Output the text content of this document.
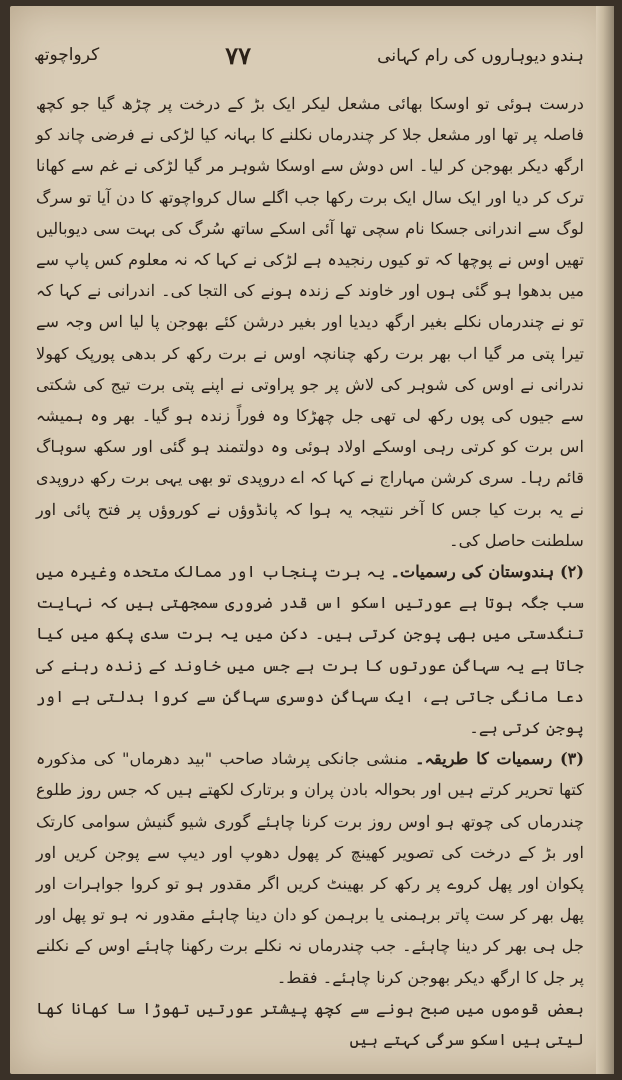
ہندو دیوہاروں کی رام کہانی
۷۷
کرواچوتھ

درست ہوئی تو اوسکا بھائی مشعل لیکر ایک بڑ کے درخت پر چڑھ گیا جو کچھ فاصلہ پر تھا اور مشعل جلا کر چندرماں نکلنے کا بہانہ کیا لڑکی نے فرضی چاند کو ارگھ دیکر بھوجن کر لیا۔ اس دوش سے اوسکا شوہر مر گیا لڑکی نے غم سے کھانا ترک کر دیا اور ایک سال ایک برت رکھا جب اگلے سال کرواچوتھ کا دن آیا تو سرگ لوگ سے اندرانی جسکا نام سچی تھا آئی اسکے ساتھ سُرگ کی بہت سی دیوبالیں تھیں اوس نے پوچھا کہ تو کیوں رنجیدہ ہے لڑکی نے کہا کہ نہ معلوم کس پاپ سے میں بدھوا ہو گئی ہوں اور خاوند کے زندہ ہونے کی التجا کی۔ اندرانی نے کہا کہ تو نے چندرماں نکلے بغیر ارگھ دیدیا اور بغیر درشن کئے بھوجن پا لیا اس وجہ سے تیرا پتی مر گیا اب بھر برت رکھ چنانچہ اوس نے برت رکھ کر بدھی پورپک کھولا ندرانی نے اوس کی شوہر کی لاش پر جو پراوتی نے اپنے پتی برت تیج کی شکتی سے جیوں کی پوں رکھ لی تھی جل چھڑکا وہ فوراً زندہ ہو گیا۔ بھر وہ ہمیشہ اس برت کو کرتی رہی اوسکے اولاد ہوئی وہ دولتمند ہو گئی اور سکھ سوہاگ قائم رہا۔ سری کرشن مہاراج نے کہا کہ اے دروپدی تو بھی یہی برت رکھ دروپدی نے یہ برت کیا جس کا آخر نتیجہ یہ ہوا کہ پانڈوؤں نے کوروؤں پر فتح پائی اور سلطنت حاصل کی۔

(۲) ہندوستان کی رسمیات۔ یہ برت پنجاب اور ممالک متحدہ وغیرہ میں سب جگہ ہوتا ہے عورتیں اسکو اس قدر ضروری سمجھتی ہیں کہ نہایت تنگدستی میں بھی پوجن کرتی ہیں۔ دکن میں یہ برت سدی پکھ میں کیا جاتا ہے یہ سہاگن عورتوں کا برت ہے جس میں خاوند کے زندہ رہنے کی دعا مانگی جاتی ہے، ایک سہاگن دوسری سہاگن سے کروا بدلتی ہے اور پوجن کرتی ہے۔

(۳) رسمیات کا طریقہ۔ منشی جانکی پرشاد صاحب "بید دھرماں" کی مذکورہ کتھا تحریر کرتے ہیں اور بحوالہ بادن پران و برتارک لکھتے ہیں کہ جس روز طلوع چندرماں کی چوتھ ہو اوس روز برت کرنا چاہئے گوری شیو گنیش سوامی کارتک اور بڑ کے درخت کی تصویر کھینچ کر پھول دھوپ اور دیپ سے پوجن کریں اور پکوان اور پھل کروے پر رکھ کر بھینٹ کریں اگر مقدور ہو تو کروا جواہرات اور پھل بھر کر ست پاتر برہمنی یا برہمن کو دان دینا چاہئے مقدور نہ ہو تو پھل اور جل ہی بھر کر دینا چاہئے۔ جب چندرماں نہ نکلے برت رکھنا چاہئے اوس کے نکلنے پر جل کا ارگھ دیکر بھوجن کرنا چاہئے۔ فقط۔

بعض قوموں میں صبح ہونے سے کچھ پیشتر عورتیں تھوڑا سا کھانا کھا لیتی ہیں اسکو سرگی کہتے ہیں
